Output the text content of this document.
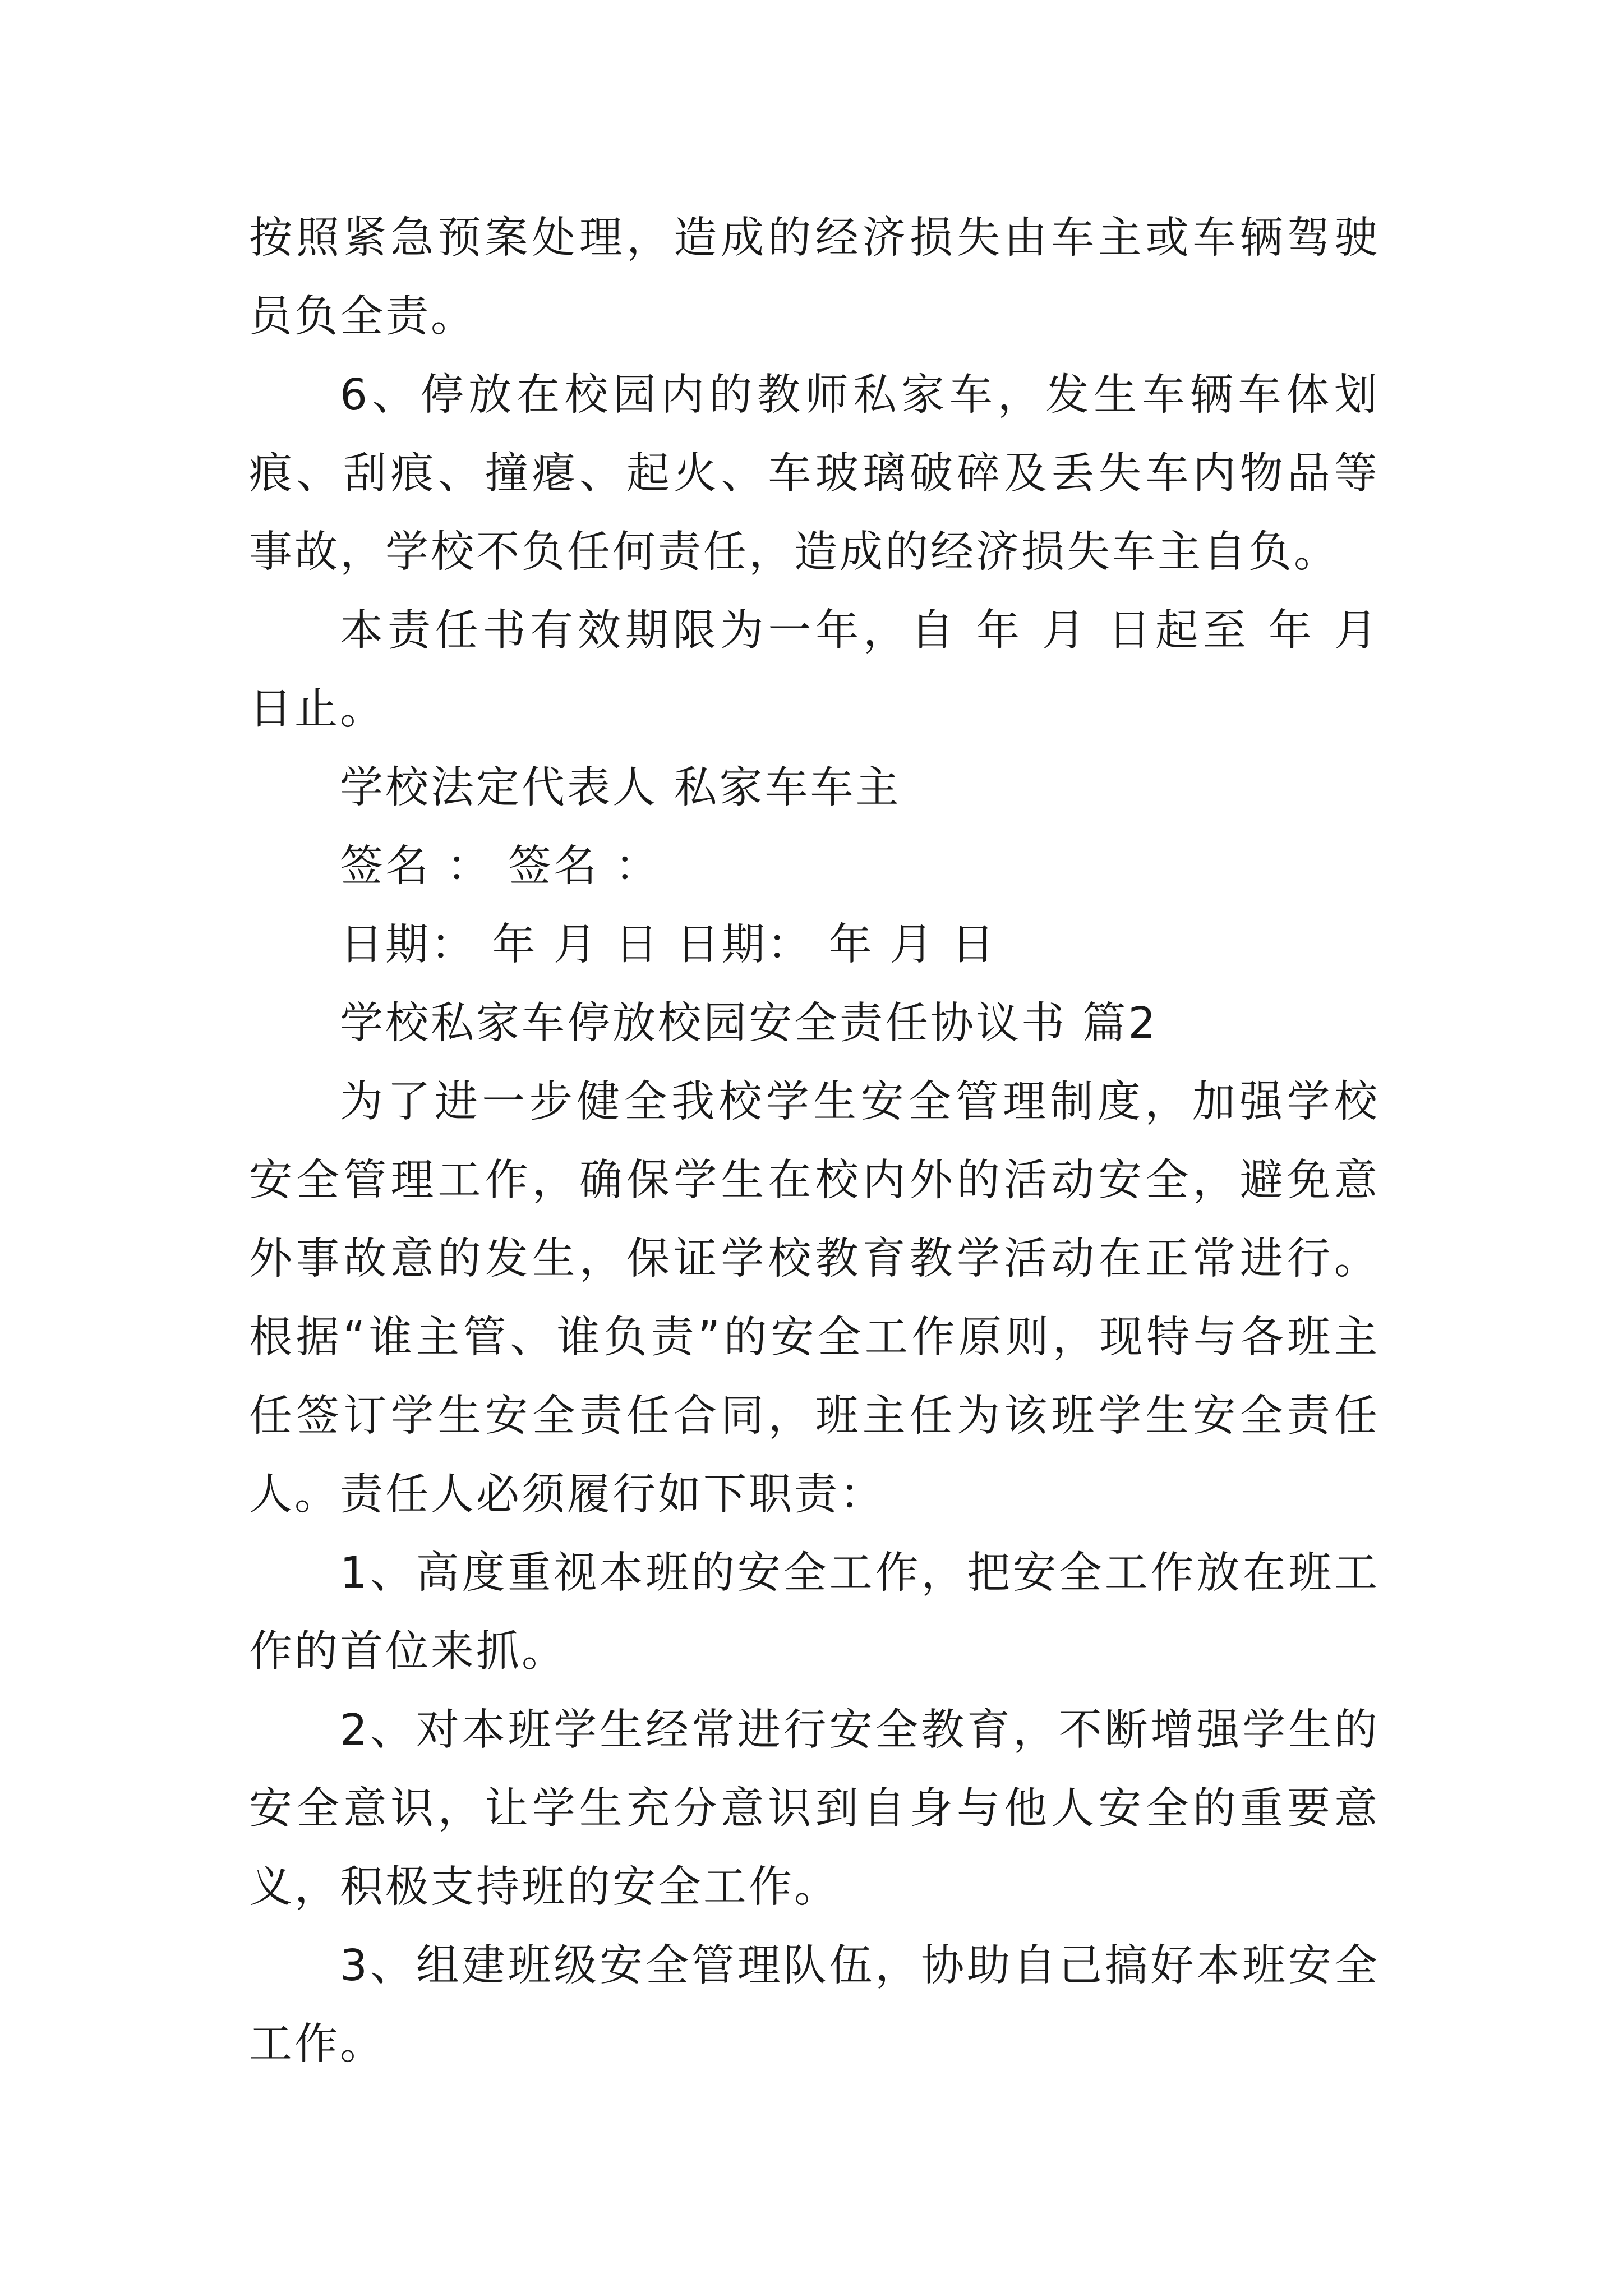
按照紧急预案处理，造成的经济损失由车主或车辆驾驶员负全责。

6、停放在校园内的教师私家车，发生车辆车体划痕、刮痕、撞瘪、起火、车玻璃破碎及丢失车内物品等事故，学校不负任何责任，造成的经济损失车主自负。

本责任书有效期限为一年，自 年 月 日起至 年 月 日止。

学校法定代表人 私家车车主

签名 ： 签名 ：

日期： 年 月 日 日期： 年 月 日

学校私家车停放校园安全责任协议书 篇2

为了进一步健全我校学生安全管理制度，加强学校安全管理工作，确保学生在校内外的活动安全，避免意外事故意的发生，保证学校教育教学活动在正常进行。根据“谁主管、谁负责”的安全工作原则，现特与各班主任签订学生安全责任合同，班主任为该班学生安全责任人。责任人必须履行如下职责：

1、高度重视本班的安全工作，把安全工作放在班工作的首位来抓。

2、对本班学生经常进行安全教育，不断增强学生的安全意识，让学生充分意识到自身与他人安全的重要意义，积极支持班的安全工作。

3、组建班级安全管理队伍，协助自己搞好本班安全工作。
